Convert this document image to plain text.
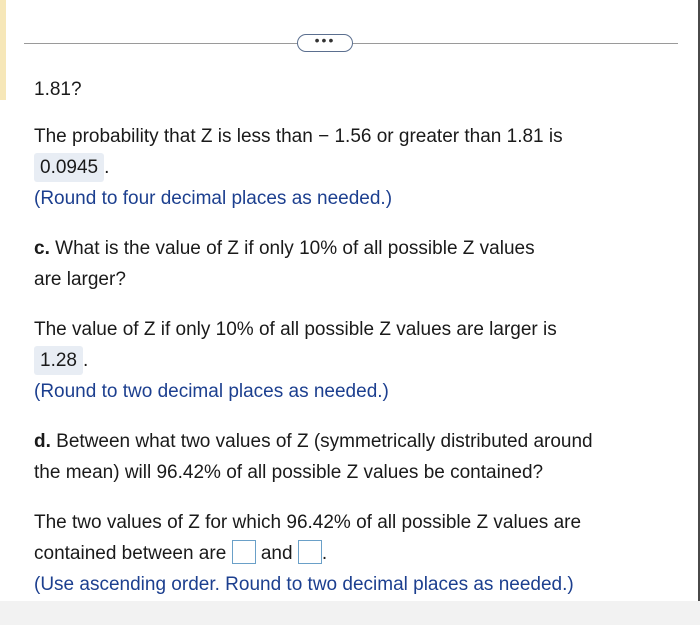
•••
1.81?
The probability that Z is less than − 1.56 or greater than 1.81 is
0.0945 .
(Round to four decimal places as needed.)
c. What is the value of Z if only 10% of all possible Z values
are larger?
The value of Z if only 10% of all possible Z values are larger is
1.28 .
(Round to two decimal places as needed.)
d. Between what two values of Z (symmetrically distributed around
the mean) will 96.42% of all possible Z values be contained?
The two values of Z for which 96.42% of all possible Z values are
contained between are  and .
(Use ascending order. Round to two decimal places as needed.)
